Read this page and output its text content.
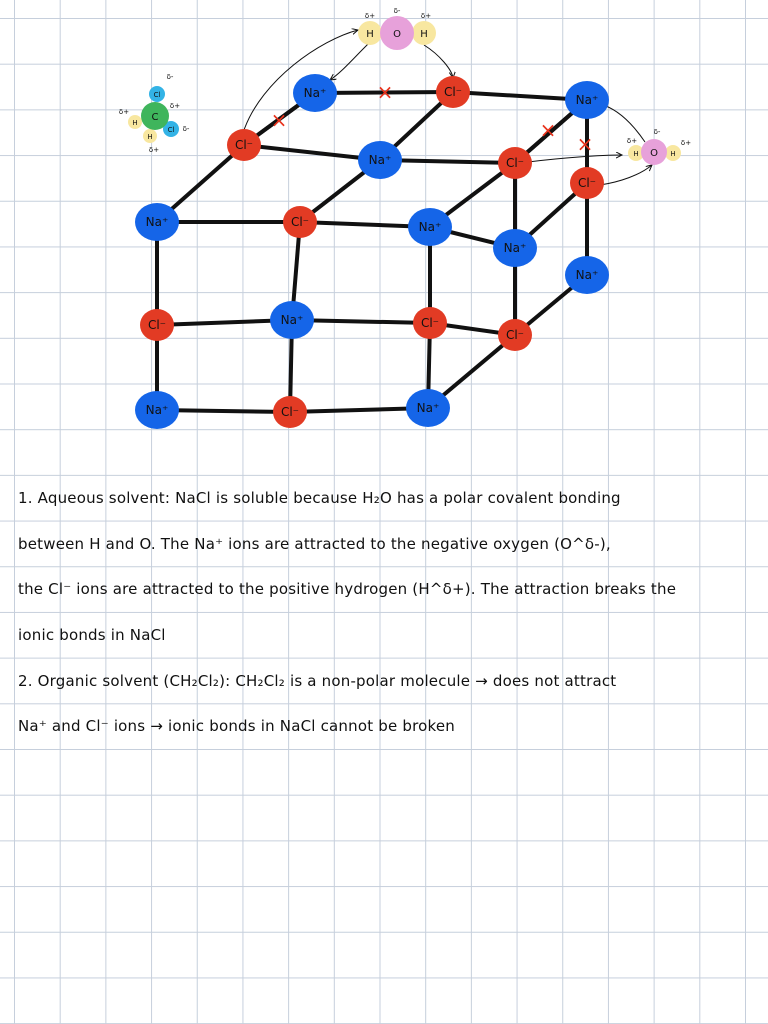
Na⁺	Cl⁻	Na⁺
Cl⁻	Na⁺	Cl⁻
Na⁺	Cl⁻	Na⁺
Cl⁻
Na⁺	Cl⁻
Na⁺	Cl⁻
Na⁺
Na⁺
Cl⁻
Cl⁻
Na⁺
×
×
×
×
H O H
δ+
δ-
δ+
H O H
δ+
δ-
δ+
C
Cl
Cl
H
H
δ-
δ-
δ+
δ+
δ+
1. Aqueous solvent: NaCl is soluble because H₂O has a polar covalent bonding
between H and O. The Na⁺ ions are attracted to the negative oxygen (O^δ-),
the Cl⁻ ions are attracted to the positive hydrogen (H^δ+). The attraction breaks the
ionic bonds in NaCl
2. Organic solvent (CH₂Cl₂): CH₂Cl₂ is a non-polar molecule → does not attract
Na⁺ and Cl⁻ ions → ionic bonds in NaCl cannot be broken
